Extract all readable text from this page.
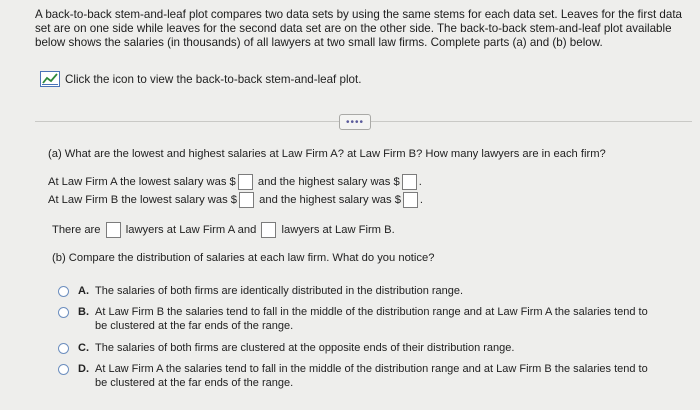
A back-to-back stem-and-leaf plot compares two data sets by using the same stems for each data set. Leaves for the first data set are on one side while leaves for the second data set are on the other side. The back-to-back stem-and-leaf plot available below shows the salaries (in thousands) of all lawyers at two small law firms. Complete parts (a) and (b) below.
Click the icon to view the back-to-back stem-and-leaf plot.
••••
(a) What are the lowest and highest salaries at Law Firm A? at Law Firm B? How many lawyers are in each firm?
At Law Firm A the lowest salary was $ and the highest salary was $ .
At Law Firm B the lowest salary was $ and the highest salary was $ .
There are lawyers at Law Firm A and lawyers at Law Firm B.
(b) Compare the distribution of salaries at each law firm. What do you notice?
A. The salaries of both firms are identically distributed in the distribution range.
B. At Law Firm B the salaries tend to fall in the middle of the distribution range and at Law Firm A the salaries tend to be clustered at the far ends of the range.
C. The salaries of both firms are clustered at the opposite ends of their distribution range.
D. At Law Firm A the salaries tend to fall in the middle of the distribution range and at Law Firm B the salaries tend to be clustered at the far ends of the range.
